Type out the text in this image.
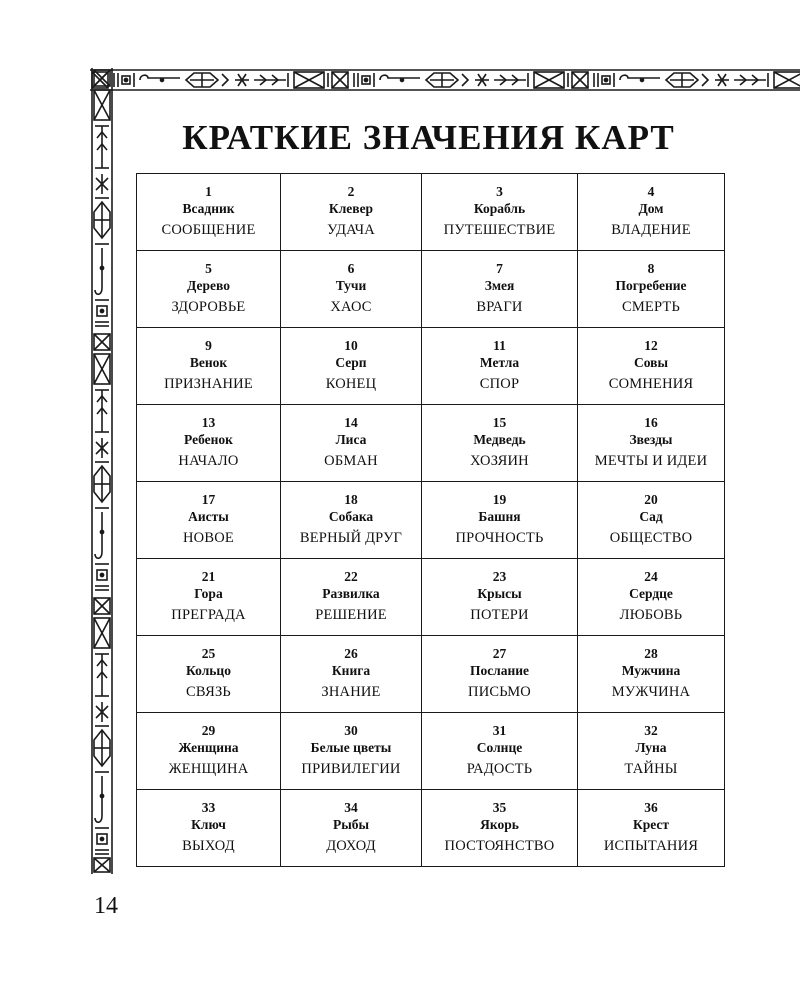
КРАТКИЕ ЗНАЧЕНИЯ КАРТ
1
Всадник
СООБЩЕНИЕ	2
Клевер
УДАЧА	3
Корабль
ПУТЕШЕСТВИЕ	4
Дом
ВЛАДЕНИЕ

5
Дерево
ЗДОРОВЬЕ	6
Тучи
ХАОС	7
Змея
ВРАГИ	8
Погребение
СМЕРТЬ

9
Венок
ПРИЗНАНИЕ	10
Серп
КОНЕЦ	11
Метла
СПОР	12
Совы
СОМНЕНИЯ

13
Ребенок
НАЧАЛО	14
Лиса
ОБМАН	15
Медведь
ХОЗЯИН	16
Звезды
МЕЧТЫ И ИДЕИ

17
Аисты
НОВОЕ	18
Собака
ВЕРНЫЙ ДРУГ	19
Башня
ПРОЧНОСТЬ	20
Сад
ОБЩЕСТВО

21
Гора
ПРЕГРАДА	22
Развилка
РЕШЕНИЕ	23
Крысы
ПОТЕРИ	24
Сердце
ЛЮБОВЬ

25
Кольцо
СВЯЗЬ	26
Книга
ЗНАНИЕ	27
Послание
ПИСЬМО	28
Мужчина
МУЖЧИНА

29
Женщина
ЖЕНЩИНА	30
Белые цветы
ПРИВИЛЕГИИ	31
Солнце
РАДОСТЬ	32
Луна
ТАЙНЫ

33
Ключ
ВЫХОД	34
Рыбы
ДОХОД	35
Якорь
ПОСТОЯНСТВО	36
Крест
ИСПЫТАНИЯ
14
